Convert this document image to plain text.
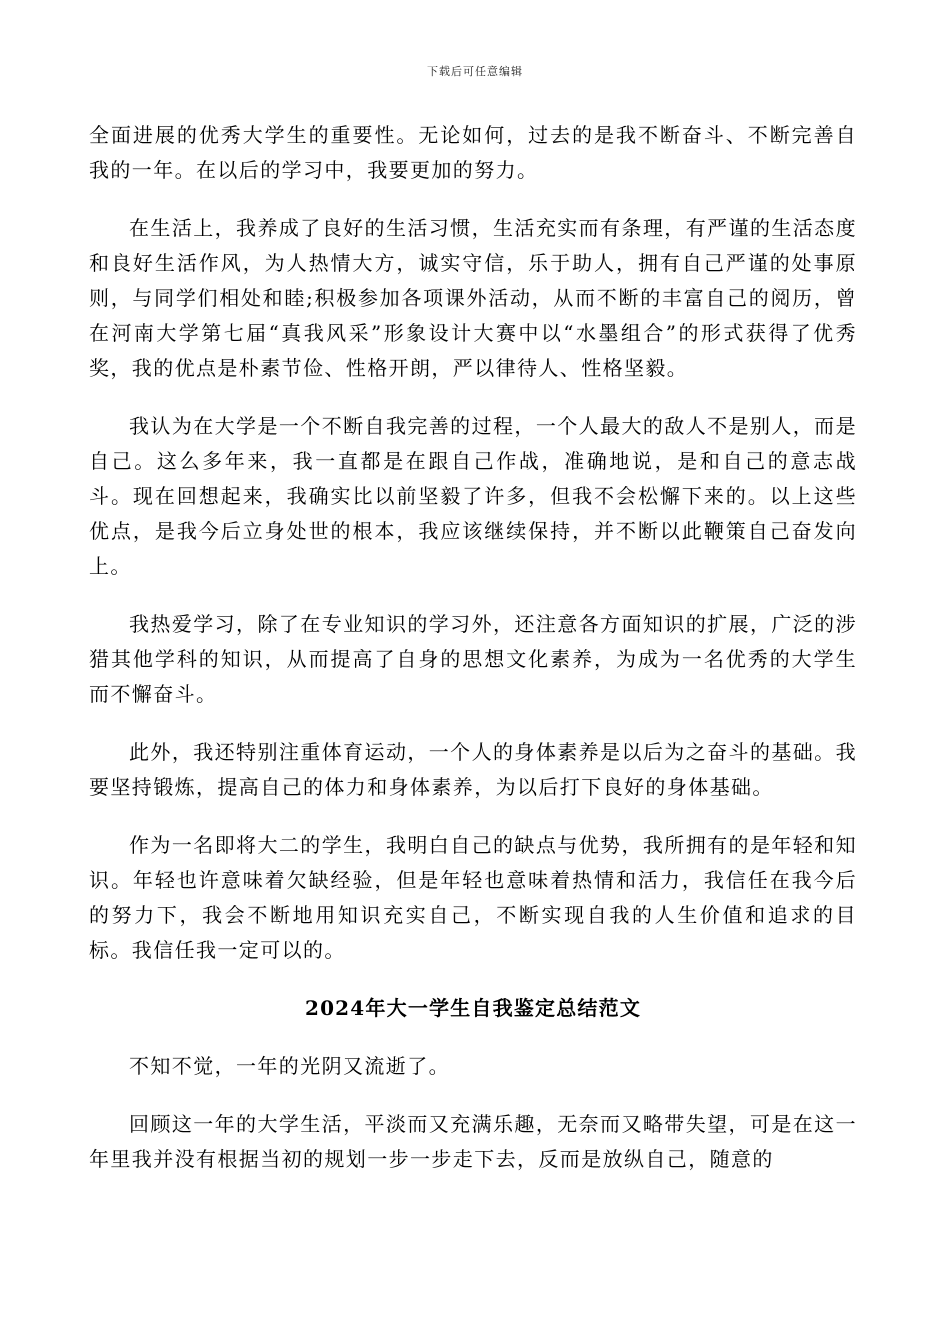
下载后可任意编辑

全面进展的优秀大学生的重要性。无论如何，过去的是我不断奋斗、不断完善自我的一年。在以后的学习中，我要更加的努力。

在生活上，我养成了良好的生活习惯，生活充实而有条理，有严谨的生活态度和良好生活作风，为人热情大方，诚实守信，乐于助人，拥有自己严谨的处事原则，与同学们相处和睦;积极参加各项课外活动，从而不断的丰富自己的阅历，曾在河南大学第七届“真我风采”形象设计大赛中以“水墨组合”的形式获得了优秀奖，我的优点是朴素节俭、性格开朗，严以律待人、性格坚毅。

我认为在大学是一个不断自我完善的过程，一个人最大的敌人不是别人，而是自己。这么多年来，我一直都是在跟自己作战，准确地说，是和自己的意志战斗。现在回想起来，我确实比以前坚毅了许多，但我不会松懈下来的。以上这些优点，是我今后立身处世的根本，我应该继续保持，并不断以此鞭策自己奋发向上。

我热爱学习，除了在专业知识的学习外，还注意各方面知识的扩展，广泛的涉猎其他学科的知识，从而提高了自身的思想文化素养，为成为一名优秀的大学生而不懈奋斗。

此外，我还特别注重体育运动，一个人的身体素养是以后为之奋斗的基础。我要坚持锻炼，提高自己的体力和身体素养，为以后打下良好的身体基础。

作为一名即将大二的学生，我明白自己的缺点与优势，我所拥有的是年轻和知识。年轻也许意味着欠缺经验，但是年轻也意味着热情和活力，我信任在我今后的努力下，我会不断地用知识充实自己，不断实现自我的人生价值和追求的目标。我信任我一定可以的。

2024年大一学生自我鉴定总结范文

不知不觉，一年的光阴又流逝了。

回顾这一年的大学生活，平淡而又充满乐趣，无奈而又略带失望，可是在这一年里我并没有根据当初的规划一步一步走下去，反而是放纵自己，随意的
